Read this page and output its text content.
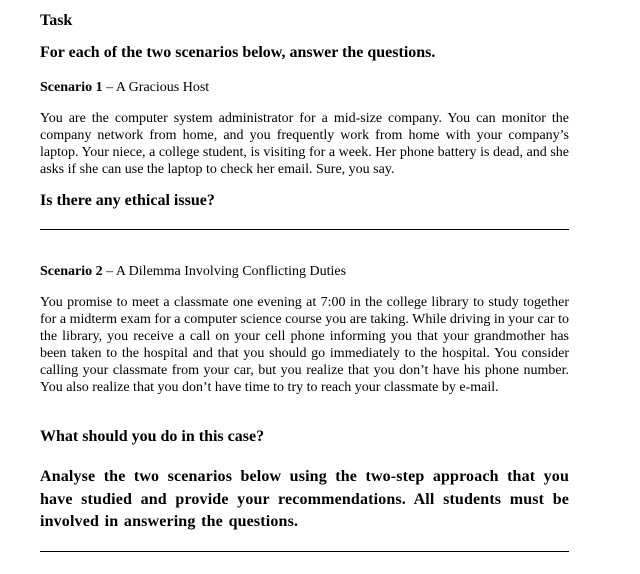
Task

For each of the two scenarios below, answer the questions.

Scenario 1 – A Gracious Host

You are the computer system administrator for a mid-size company. You can monitor the company network from home, and you frequently work from home with your company’s laptop. Your niece, a college student, is visiting for a week. Her phone battery is dead, and she asks if she can use the laptop to check her email. Sure, you say.

Is there any ethical issue?

Scenario 2 – A Dilemma Involving Conflicting Duties

You promise to meet a classmate one evening at 7:00 in the college library to study together for a midterm exam for a computer science course you are taking. While driving in your car to the library, you receive a call on your cell phone informing you that your grandmother has been taken to the hospital and that you should go immediately to the hospital. You consider calling your classmate from your car, but you realize that you don’t have his phone number. You also realize that you don’t have time to try to reach your classmate by e-mail.

What should you do in this case?

Analyse the two scenarios below using the two-step approach that you have studied and provide your recommendations. All students must be involved in answering the questions.
